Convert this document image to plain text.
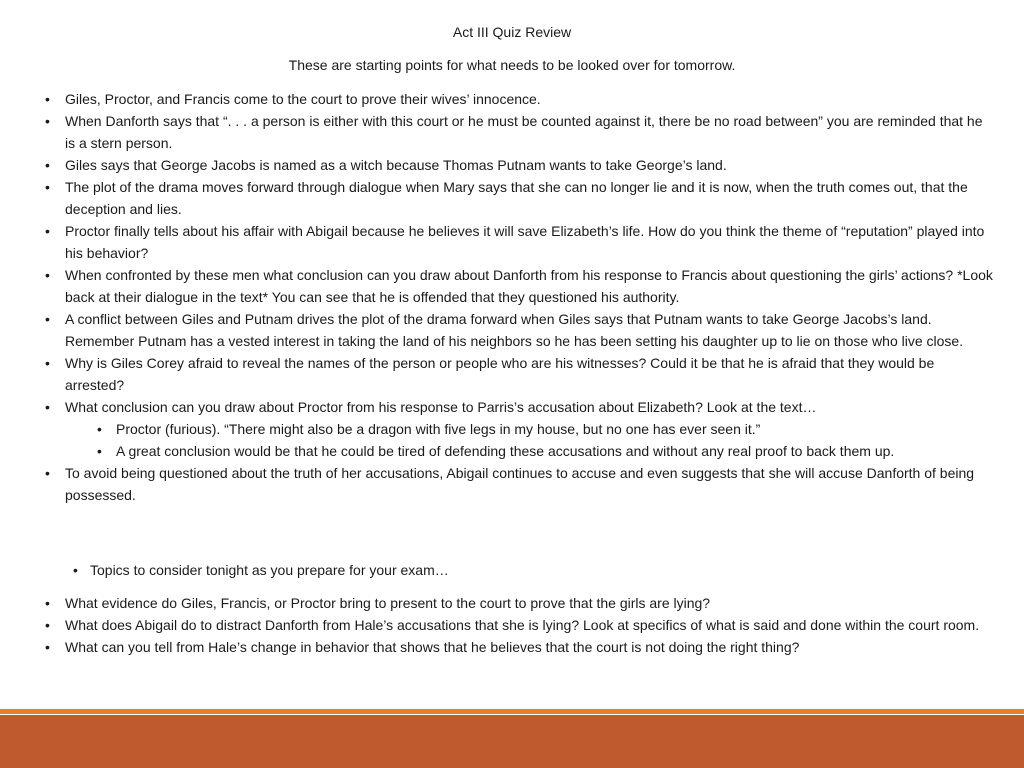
Act III Quiz Review
These are starting points for what needs to be looked over for tomorrow.
• Giles, Proctor, and Francis come to the court to prove their wives’ innocence.
• When Danforth says that “. . . a person is either with this court or he must be counted against it, there be no road between” you are reminded that he is a stern person.
• Giles says that George Jacobs is named as a witch because Thomas Putnam wants to take George’s land.
• The plot of the drama moves forward through dialogue when Mary says that she can no longer lie and it is now, when the truth comes out, that the deception and lies.
• Proctor finally tells about his affair with Abigail because he believes it will save Elizabeth’s life. How do you think the theme of “reputation” played into his behavior?
• When confronted by these men what conclusion can you draw about Danforth from his response to Francis about questioning the girls’ actions? *Look back at their dialogue in the text* You can see that he is offended that they questioned his authority.
• A conflict between Giles and Putnam drives the plot of the drama forward when Giles says that Putnam wants to take George Jacobs’s land. Remember Putnam has a vested interest in taking the land of his neighbors so he has been setting his daughter up to lie on those who live close.
• Why is Giles Corey afraid to reveal the names of the person or people who are his witnesses? Could it be that he is afraid that they would be arrested?
• What conclusion can you draw about Proctor from his response to Parris’s accusation about Elizabeth? Look at the text…
• Proctor (furious). “There might also be a dragon with five legs in my house, but no one has ever seen it.”
• A great conclusion would be that he could be tired of defending these accusations and without any real proof to back them up.
• To avoid being questioned about the truth of her accusations, Abigail continues to accuse and even suggests that she will accuse Danforth of being possessed.
• Topics to consider tonight as you prepare for your exam…
• What evidence do Giles, Francis, or Proctor bring to present to the court to prove that the girls are lying?
• What does Abigail do to distract Danforth from Hale’s accusations that she is lying? Look at specifics of what is said and done within the court room.
• What can you tell from Hale’s change in behavior that shows that he believes that the court is not doing the right thing?
